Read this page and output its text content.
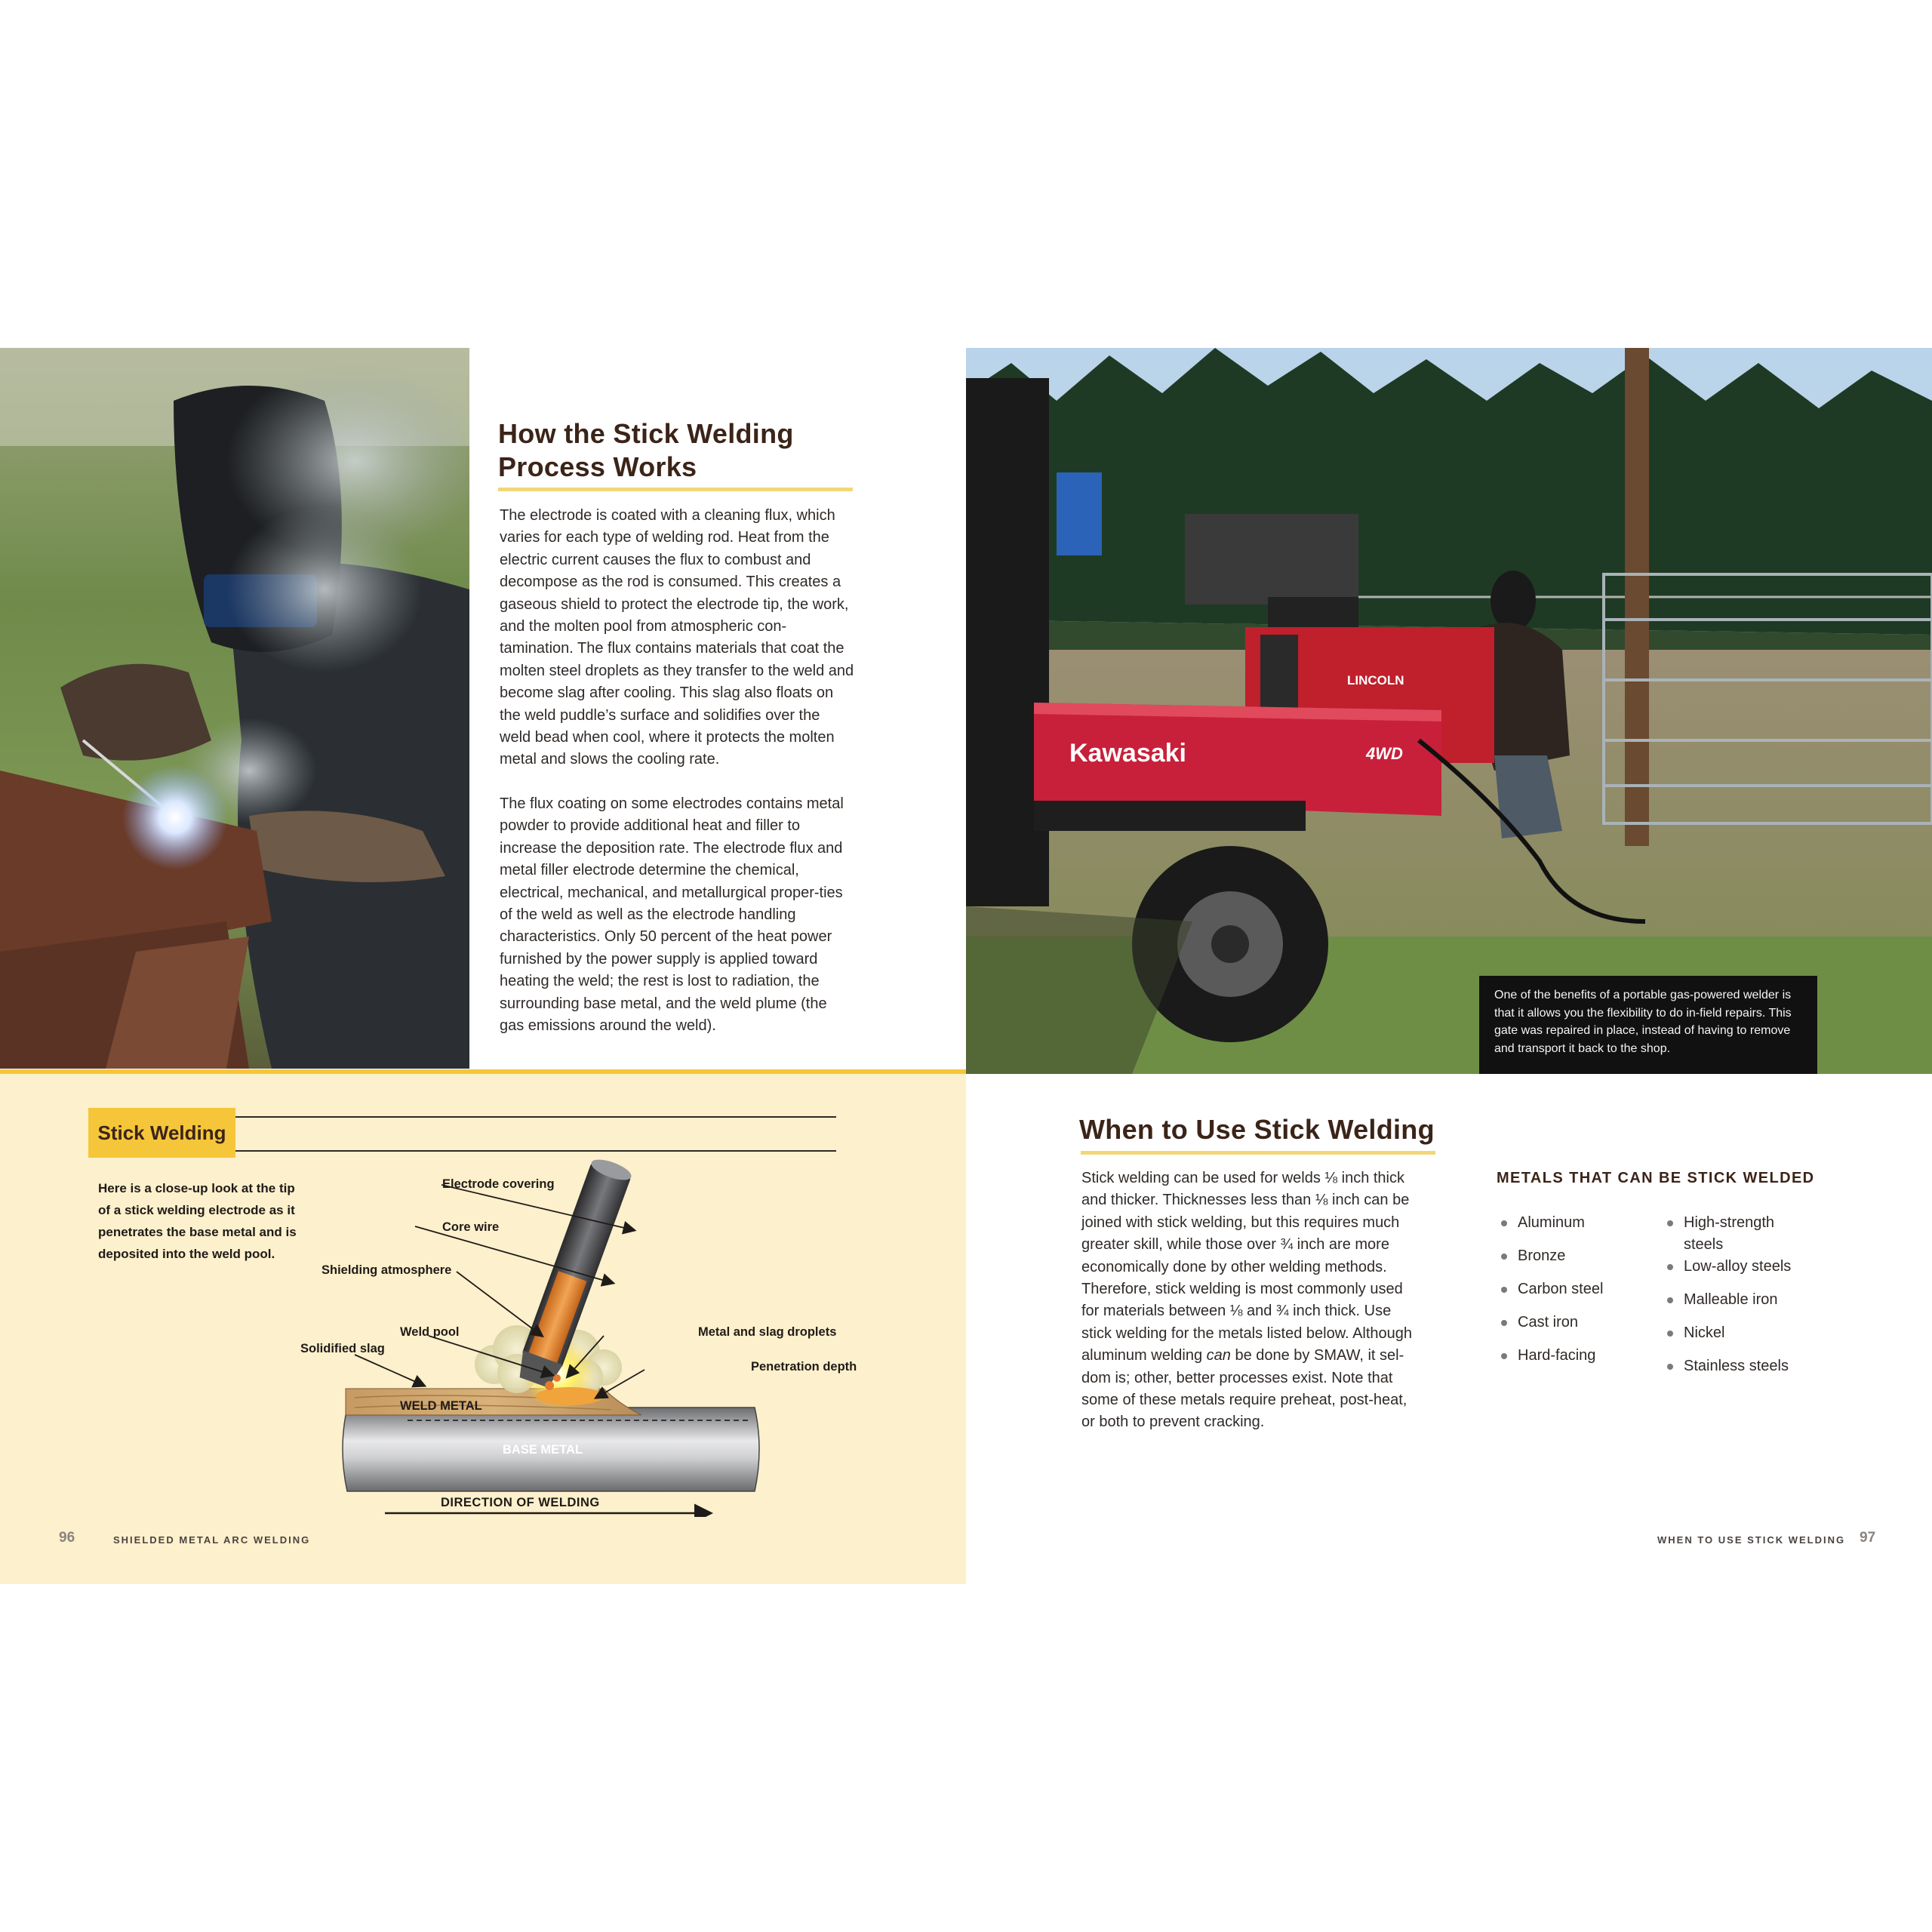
How the Stick Welding
Process Works

The electrode is coated with a cleaning flux, which varies for each type of welding rod. Heat from the electric current causes the flux to combust and decompose as the rod is consumed. This creates a gaseous shield to protect the electrode tip, the work, and the molten pool from atmospheric con-tamination. The flux contains materials that coat the molten steel droplets as they transfer to the weld and become slag after cooling. This slag also floats on the weld puddle’s surface and solidifies over the weld bead when cool, where it protects the molten metal and slows the cooling rate.

The flux coating on some electrodes contains metal powder to provide additional heat and filler to increase the deposition rate. The electrode flux and metal filler electrode determine the chemical, electrical, mechanical, and metallurgical proper-ties of the weld as well as the electrode handling characteristics. Only 50 percent of the heat power furnished by the power supply is applied toward heating the weld; the rest is lost to radiation, the surrounding base metal, and the weld plume (the gas emissions around the weld).

LINCOLN
Kawasaki	4WD
One of the benefits of a portable gas-powered welder is that it allows you the flexibility to do in-field repairs. This gate was repaired in place, instead of having to remove and transport it back to the shop.
Stick Welding
Here is a close-up look at the tip of a stick welding electrode as it penetrates the base metal and is deposited into the weld pool.
Electrode covering
Core wire
Shielding atmosphere
Weld pool
Solidified slag
Metal and slag droplets
Penetration depth
WELD METAL
BASE METAL
DIRECTION OF WELDING
96	SHIELDED METAL ARC WELDING
When to Use Stick Welding
Stick welding can be used for welds ⅛ inch thick
and thicker. Thicknesses less than ⅛ inch can be
joined with stick welding, but this requires much
greater skill, while those over ¾ inch are more
economically done by other welding methods.
Therefore, stick welding is most commonly used
for materials between ⅛ and ¾ inch thick. Use
stick welding for the metals listed below. Although
aluminum welding can be done by SMAW, it sel-
dom is; other, better processes exist. Note that
some of these metals require preheat, post-heat,
or both to prevent cracking.
METALS THAT CAN BE STICK WELDED
Aluminum
Bronze
Carbon steel
Cast iron
Hard-facing
High-strength
steels
Low-alloy steels
Malleable iron
Nickel
Stainless steels
WHEN TO USE STICK WELDING 97
